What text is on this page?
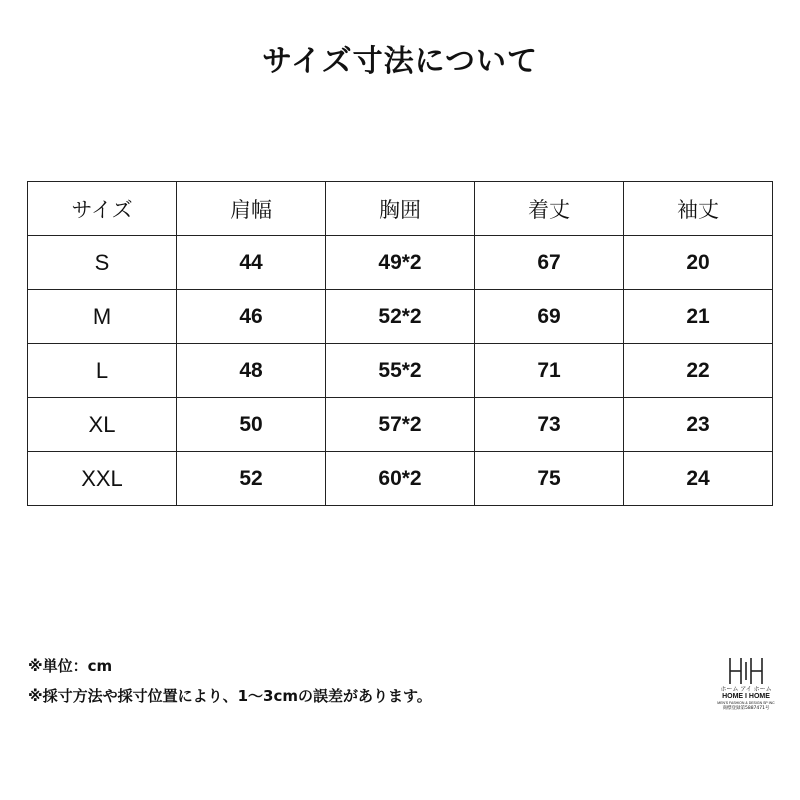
サイズ寸法について
サイズ	肩幅	胸囲	着丈	袖丈
S	44	49*2	67	20
M	46	52*2	69	21
L	48	55*2	71	22
XL	50	57*2	73	23
XXL	52	60*2	75	24
※単位：cm
※採寸方法や採寸位置により、1～3cmの誤差があります。	ホーム アイ ホーム
HOME I HOME
MEN'S FASHION & DESIGN SP INC
商標登録第5887471号
